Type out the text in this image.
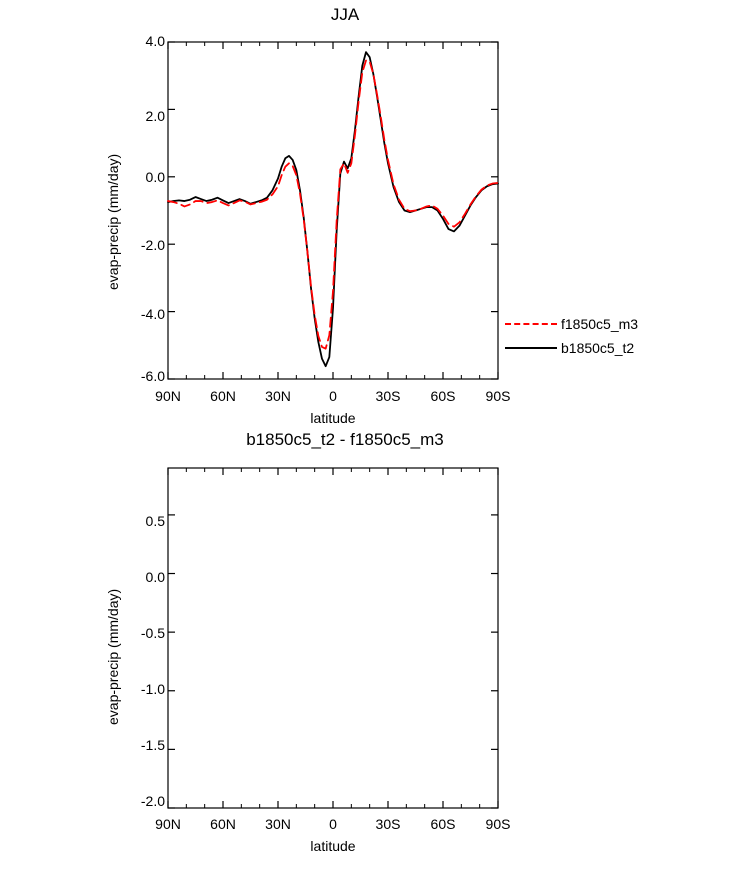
JJA
evap-precip (mm/day)
4.0
2.0
0.0
-2.0
-4.0
-6.0
90N	60N	30N	0	30S	60S	90S
latitude
f1850c5_m3
b1850c5_t2
b1850c5_t2 - f1850c5_m3
evap-precip (mm/day)
0.5
0.0
-0.5
-1.0
-1.5
-2.0
90N	60N	30N	0	30S	60S	90S
latitude
